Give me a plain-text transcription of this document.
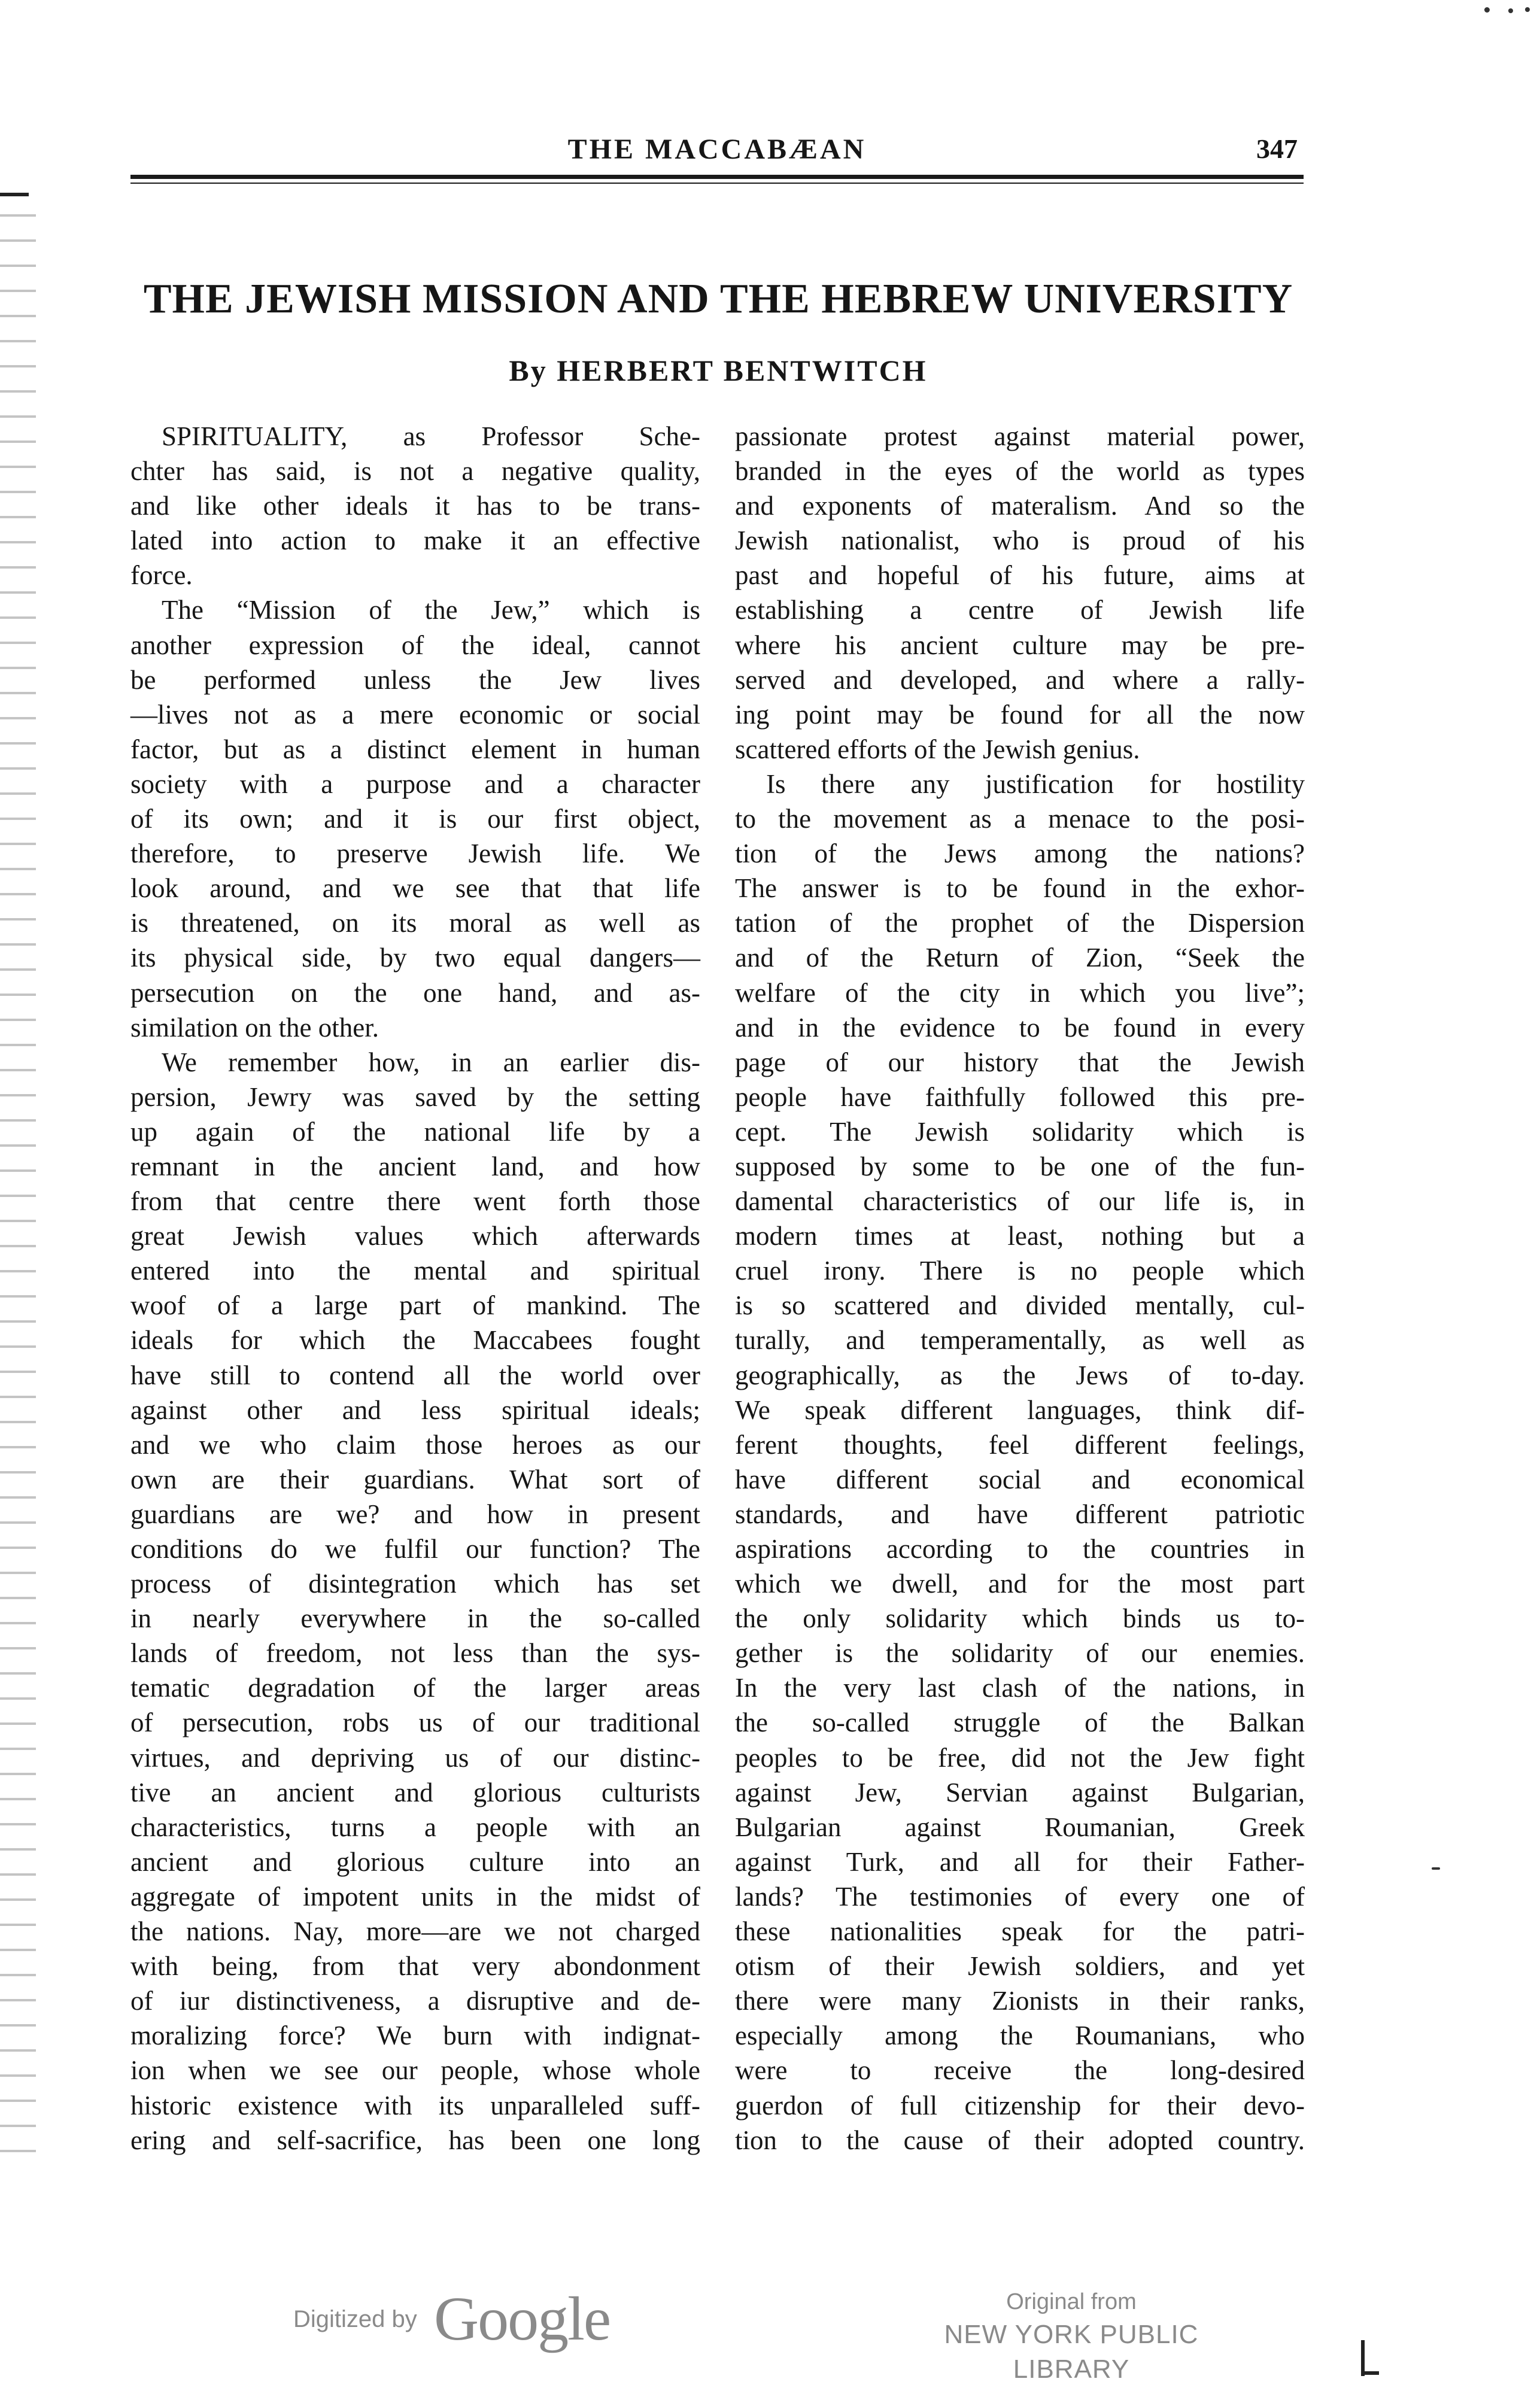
THE MACCABÆAN	347
THE JEWISH MISSION AND THE HEBREW UNIVERSITY
By HERBERT BENTWITCH
SPIRITUALITY, as Professor Sche-
chter has said, is not a negative quality,
and like other ideals it has to be trans-
lated into action to make it an effective
force.
The “Mission of the Jew,” which is
another expression of the ideal, cannot
be performed unless the Jew lives
—lives not as a mere economic or social
factor, but as a distinct element in human
society with a purpose and a character
of its own; and it is our first object,
therefore, to preserve Jewish life. We
look around, and we see that that life
is threatened, on its moral as well as
its physical side, by two equal dangers—
persecution on the one hand, and as-
similation on the other.
We remember how, in an earlier dis-
persion, Jewry was saved by the setting
up again of the national life by a
remnant in the ancient land, and how
from that centre there went forth those
great Jewish values which afterwards
entered into the mental and spiritual
woof of a large part of mankind. The
ideals for which the Maccabees fought
have still to contend all the world over
against other and less spiritual ideals;
and we who claim those heroes as our
own are their guardians. What sort of
guardians are we? and how in present
conditions do we fulfil our function? The
process of disintegration which has set
in nearly everywhere in the so-called
lands of freedom, not less than the sys-
tematic degradation of the larger areas
of persecution, robs us of our traditional
virtues, and depriving us of our distinc-
tive an ancient and glorious culturists
characteristics, turns a people with an
ancient and glorious culture into an
aggregate of impotent units in the midst of
the nations. Nay, more—are we not charged
with being, from that very abondonment
of iur distinctiveness, a disruptive and de-
moralizing force? We burn with indignat-
ion when we see our people, whose whole
historic existence with its unparalleled suff-
ering and self-sacrifice, has been one long
passionate protest against material power,
branded in the eyes of the world as types
and exponents of materalism. And so the
Jewish nationalist, who is proud of his
past and hopeful of his future, aims at
establishing a centre of Jewish life
where his ancient culture may be pre-
served and developed, and where a rally-
ing point may be found for all the now
scattered efforts of the Jewish genius.
Is there any justification for hostility
to the movement as a menace to the posi-
tion of the Jews among the nations?
The answer is to be found in the exhor-
tation of the prophet of the Dispersion
and of the Return of Zion, “Seek the
welfare of the city in which you live”;
and in the evidence to be found in every
page of our history that the Jewish
people have faithfully followed this pre-
cept. The Jewish solidarity which is
supposed by some to be one of the fun-
damental characteristics of our life is, in
modern times at least, nothing but a
cruel irony. There is no people which
is so scattered and divided mentally, cul-
turally, and temperamentally, as well as
geographically, as the Jews of to-day.
We speak different languages, think dif-
ferent thoughts, feel different feelings,
have different social and economical
standards, and have different patriotic
aspirations according to the countries in
which we dwell, and for the most part
the only solidarity which binds us to-
gether is the solidarity of our enemies.
In the very last clash of the nations, in
the so-called struggle of the Balkan
peoples to be free, did not the Jew fight
against Jew, Servian against Bulgarian,
Bulgarian against Roumanian, Greek
against Turk, and all for their Father-
lands? The testimonies of every one of
these nationalities speak for the patri-
otism of their Jewish soldiers, and yet
there were many Zionists in their ranks,
especially among the Roumanians, who
were to receive the long-desired
guerdon of full citizenship for their devo-
tion to the cause of their adopted country.
Digitized by Google	Original from
NEW YORK PUBLIC LIBRARY
